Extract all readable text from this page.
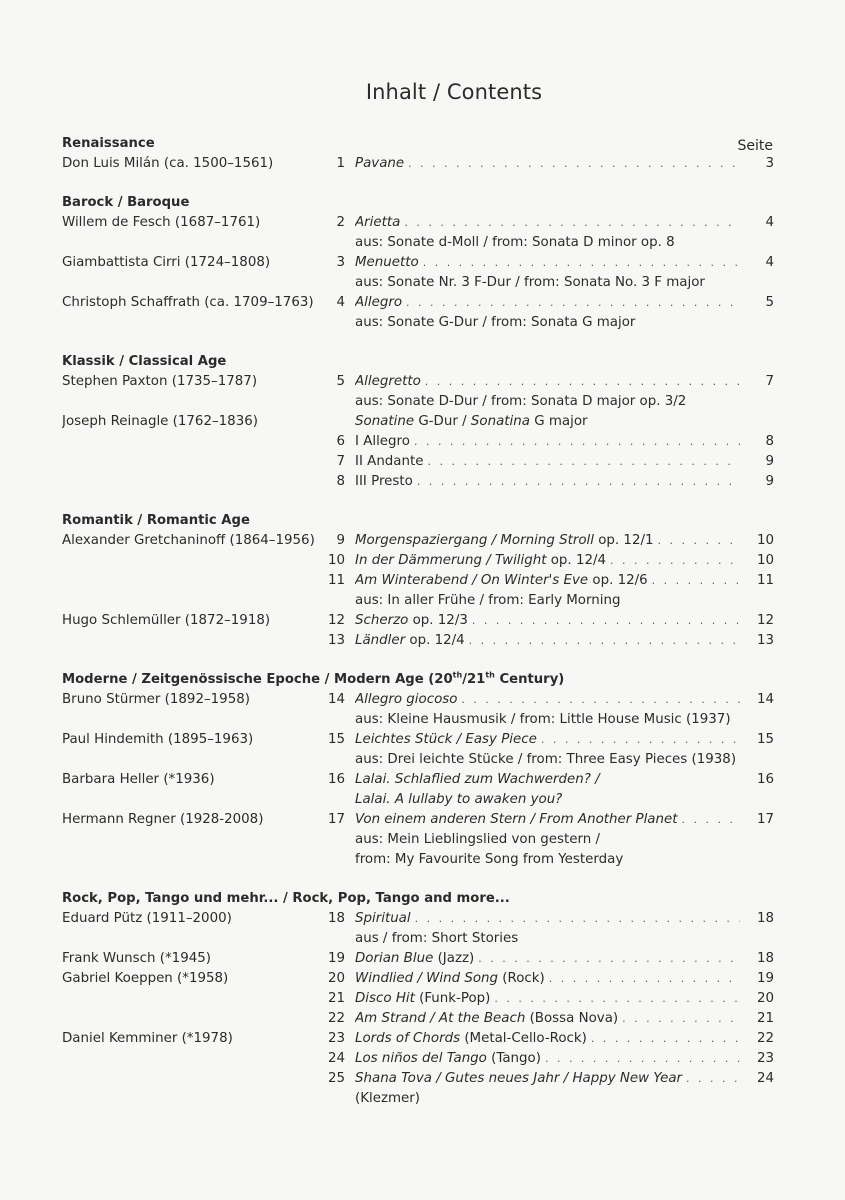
Inhalt / Contents
Seite
Renaissance
Don Luis Milán (ca. 1500–1561)	1 Pavane . . .	3
Barock / Baroque
Willem de Fesch (1687–1761)	2 Arietta . . .	4
aus: Sonate d-Moll / from: Sonata D minor op. 8
Giambattista Cirri (1724–1808)	3 Menuetto . . .	4
aus: Sonate Nr. 3 F-Dur / from: Sonata No. 3 F major
Christoph Schaffrath (ca. 1709–1763)	4 Allegro . . .	5
aus: Sonate G-Dur / from: Sonata G major
Klassik / Classical Age
Stephen Paxton (1735–1787)	5 Allegretto . . .	7
aus: Sonate D-Dur / from: Sonata D major op. 3/2
Joseph Reinagle (1762–1836)	Sonatine G-Dur / Sonatina G major
6 I Allegro . . .	8
7 II Andante . . .	9
8 III Presto . . .	9
Romantik / Romantic Age
Alexander Gretchaninoff (1864–1956)	9 Morgenspaziergang / Morning Stroll op. 12/1 . . .	10
10 In der Dämmerung / Twilight op. 12/4 . . .	10
11 Am Winterabend / On Winter's Eve op. 12/6 . . .	11
aus: In aller Frühe / from: Early Morning
Hugo Schlemüller (1872–1918)	12 Scherzo op. 12/3 . . .	12
13 Ländler op. 12/4 . . .	13
Moderne / Zeitgenössische Epoche / Modern Age (20th/21th Century)
Bruno Stürmer (1892–1958)	14 Allegro giocoso . . .	14
aus: Kleine Hausmusik / from: Little House Music (1937)
Paul Hindemith (1895–1963)	15 Leichtes Stück / Easy Piece . . .	15
aus: Drei leichte Stücke / from: Three Easy Pieces (1938)
Barbara Heller (*1936)	16 Lalai. Schlaflied zum Wachwerden? /	16
Lalai. A lullaby to awaken you?
Hermann Regner (1928-2008)	17 Von einem anderen Stern / From Another Planet . . .	17
aus: Mein Lieblingslied von gestern /
from: My Favourite Song from Yesterday
Rock, Pop, Tango und mehr... / Rock, Pop, Tango and more...
Eduard Pütz (1911–2000)	18 Spiritual . . .	18
aus / from: Short Stories
Frank Wunsch (*1945)	19 Dorian Blue (Jazz) . . .	18
Gabriel Koeppen (*1958)	20 Windlied / Wind Song (Rock) . . .	19
21 Disco Hit (Funk-Pop) . . .	20
22 Am Strand / At the Beach (Bossa Nova) . . .	21
Daniel Kemminer (*1978)	23 Lords of Chords (Metal-Cello-Rock) . . .	22
24 Los niños del Tango (Tango) . . .	23
25 Shana Tova / Gutes neues Jahr / Happy New Year . . .	24
(Klezmer)
